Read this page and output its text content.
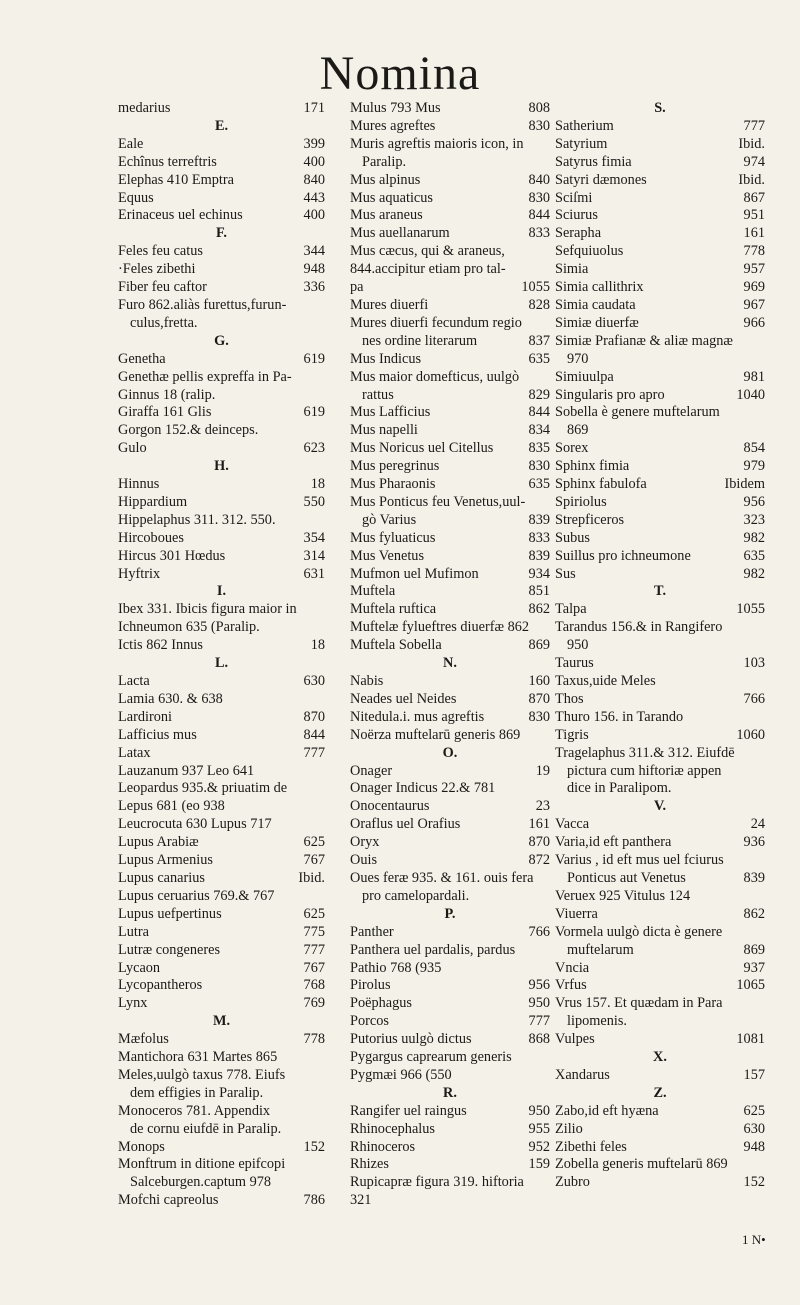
Nomina
medarius	171
E.
Eale	399
Echînus terreftris	400
Elephas 410 Emptra	840
Equus	443
Erinaceus uel echinus	400
F.
Feles feu catus	344
·Feles zibethi	948
Fiber feu caftor	336
Furo 862.aliàs furettus,furun-
culus,fretta.
G.
Genetha	619
Genethæ pellis expreffa in Pa-
Ginnus 18 (ralip.
Giraffa 161 Glis	619
Gorgon 152.& deinceps.
Gulo	623
H.
Hinnus	18
Hippardium	550
Hippelaphus 311. 312. 550.
Hircoboues	354
Hircus 301 Hœdus	314
Hyftrix	631
I.
Ibex 331. Ibicis figura maior in
Ichneumon 635 (Paralip.
Ictis 862 Innus	18
L.
Lacta	630
Lamia 630. & 638
Lardironi	870
Lafficius mus	844
Latax	777
Lauzanum 937 Leo 641
Leopardus 935.& priuatim de
Lepus 681 (eo 938
Leucrocuta 630 Lupus 717
Lupus Arabiæ	625
Lupus Armenius	767
Lupus canarius	Ibid.
Lupus ceruarius 769.& 767
Lupus uefpertinus	625
Lutra	775
Lutræ congeneres	777
Lycaon	767
Lycopantheros	768
Lynx	769
M.
Mæfolus	778
Mantichora 631 Martes 865
Meles,uulgò taxus 778. Eiufs
dem effigies in Paralip.
Monoceros 781. Appendix
de cornu eiufdē in Paralip.
Monops	152
Monftrum in ditione epifcopi
Salceburgen.captum 978
Mofchi capreolus	786
Mulus 793 Mus	808
Mures agreftes	830
Muris agreftis maioris icon, in
Paralip.
Mus alpinus	840
Mus aquaticus	830
Mus araneus	844
Mus auellanarum	833
Mus cæcus, qui & araneus,
844.accipitur etiam pro tal-
pa	1055
Mures diuerfi	828
Mures diuerfi fecundum regio
nes ordine literarum	837
Mus Indicus	635
Mus maior domefticus, uulgò
rattus	829
Mus Lafficius	844
Mus napelli	834
Mus Noricus uel Citellus 835
Mus peregrinus	830
Mus Pharaonis	635
Mus Ponticus feu Venetus,uul-
gò Varius	839
Mus fyluaticus	833
Mus Venetus	839
Mufmon uel Mufimon	934
Muftela	851
Muftela ruftica	862
Muftelæ fylueftres diuerfæ 862
Muftela Sobella	869
N.
Nabis	160
Neades uel Neides	870
Nitedula.i. mus agreftis	830
Noërza muftelarū generis 869
O.
Onager	19
Onager Indicus 22.& 781
Onocentaurus	23
Oraflus uel Orafius	161
Oryx	870
Ouis	872
Oues feræ 935. & 161. ouis fera
pro camelopardali.
P.
Panther	766
Panthera uel pardalis, pardus
Pathio 768 (935
Pirolus	956
Poëphagus	950
Porcos	777
Putorius uulgò dictus	868
Pygargus caprearum generis
Pygmæi 966 (550
R.
Rangifer uel raingus	950
Rhinocephalus	955
Rhinoceros	952
Rhizes	159
Rupicapræ figura 319. hiftoria
321
S.
Satherium	777
Satyrium	Ibid.
Satyrus fimia	974
Satyri dæmones	Ibid.
Sciſmi	867
Sciurus	951
Serapha	161
Sefquiuolus	778
Simia	957
Simia callithrix	969
Simia caudata	967
Simiæ diuerfæ	966
Simiæ Prafianæ & aliæ magnæ
970
Simiuulpa	981
Singularis pro apro	1040
Sobella è genere muftelarum
869
Sorex	854
Sphinx fimia	979
Sphinx fabulofa	Ibidem
Spiriolus	956
Strepficeros	323
Subus	982
Suillus pro ichneumone	635
Sus	982
T.
Talpa	1055
Tarandus 156.& in Rangifero
950
Taurus	103
Taxus,uide Meles
Thos	766
Thuro 156. in Tarando
Tigris	1060
Tragelaphus 311.& 312. Eiufdē
pictura cum hiftoriæ appen
dice in Paralipom.
V.
Vacca	24
Varia,id eft panthera	936
Varius , id eft mus uel fciurus
Ponticus aut Venetus	839
Veruex 925 Vitulus 124
Viuerra	862
Vormela uulgò dicta è genere
muftelarum	869
Vncia	937
Vrfus	1065
Vrus 157. Et quædam in Para
lipomenis.
Vulpes	1081
X.
Xandarus	157
Z.
Zabo,id eft hyæna	625
Zilio	630
Zibethi feles	948
Zobella generis muftelarū 869
Zubro	152
1 N•
